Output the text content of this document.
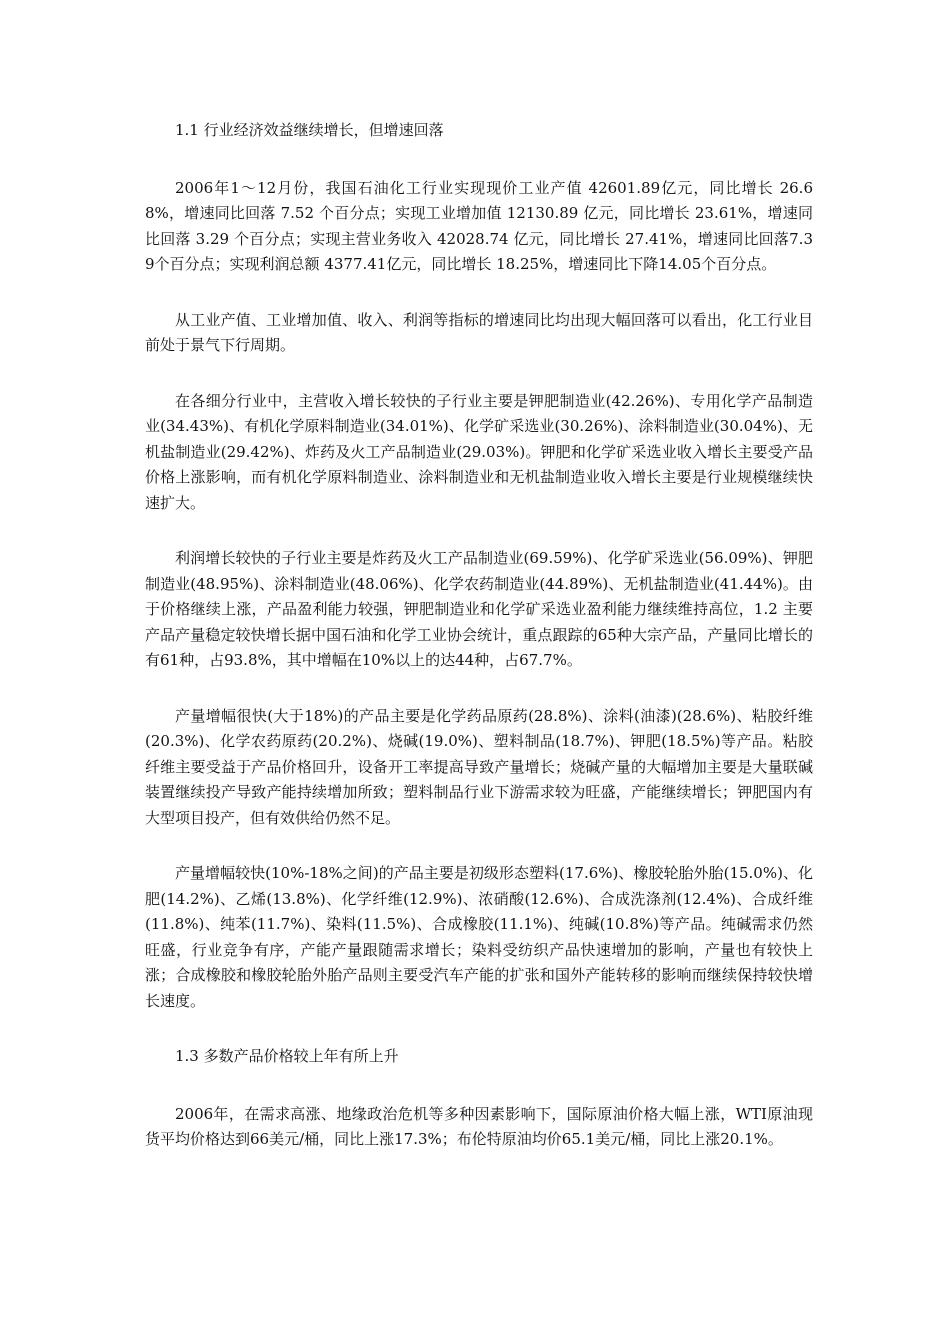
1.1 行业经济效益继续增长，但增速回落

2006年1～12月份，我国石油化工行业实现现价工业产值 42601.89亿元，同比增长 26.68%，增速同比回落 7.52 个百分点；实现工业增加值 12130.89 亿元，同比增长 23.61%，增速同比回落 3.29 个百分点；实现主营业务收入 42028.74 亿元，同比增长 27.41%，增速同比回落7.39个百分点；实现利润总额 4377.41亿元，同比增长 18.25%，增速同比下降14.05个百分点。

从工业产值、工业增加值、收入、利润等指标的增速同比均出现大幅回落可以看出，化工行业目前处于景气下行周期。

在各细分行业中，主营收入增长较快的子行业主要是钾肥制造业(42.26%)、专用化学产品制造业(34.43%)、有机化学原料制造业(34.01%)、化学矿采选业(30.26%)、涂料制造业(30.04%)、无机盐制造业(29.42%)、炸药及火工产品制造业(29.03%)。钾肥和化学矿采选业收入增长主要受产品价格上涨影响，而有机化学原料制造业、涂料制造业和无机盐制造业收入增长主要是行业规模继续快速扩大。

利润增长较快的子行业主要是炸药及火工产品制造业(69.59%)、化学矿采选业(56.09%)、钾肥制造业(48.95%)、涂料制造业(48.06%)、化学农药制造业(44.89%)、无机盐制造业(41.44%)。由于价格继续上涨，产品盈利能力较强，钾肥制造业和化学矿采选业盈利能力继续维持高位，1.2 主要产品产量稳定较快增长据中国石油和化学工业协会统计，重点跟踪的65种大宗产品，产量同比增长的有61种，占93.8%，其中增幅在10%以上的达44种，占67.7%。

产量增幅很快(大于18%)的产品主要是化学药品原药(28.8%)、涂料(油漆)(28.6%)、粘胶纤维(20.3%)、化学农药原药(20.2%)、烧碱(19.0%)、塑料制品(18.7%)、钾肥(18.5%)等产品。粘胶纤维主要受益于产品价格回升，设备开工率提高导致产量增长；烧碱产量的大幅增加主要是大量联碱装置继续投产导致产能持续增加所致；塑料制品行业下游需求较为旺盛，产能继续增长；钾肥国内有大型项目投产，但有效供给仍然不足。

产量增幅较快(10%-18%之间)的产品主要是初级形态塑料(17.6%)、橡胶轮胎外胎(15.0%)、化肥(14.2%)、乙烯(13.8%)、化学纤维(12.9%)、浓硝酸(12.6%)、合成洗涤剂(12.4%)、合成纤维(11.8%)、纯苯(11.7%)、染料(11.5%)、合成橡胶(11.1%)、纯碱(10.8%)等产品。纯碱需求仍然旺盛，行业竞争有序，产能产量跟随需求增长；染料受纺织产品快速增加的影响，产量也有较快上涨；合成橡胶和橡胶轮胎外胎产品则主要受汽车产能的扩张和国外产能转移的影响而继续保持较快增长速度。

1.3 多数产品价格较上年有所上升

2006年，在需求高涨、地缘政治危机等多种因素影响下，国际原油价格大幅上涨，WTI原油现货平均价格达到66美元/桶，同比上涨17.3%；布伦特原油均价65.1美元/桶，同比上涨20.1%。
